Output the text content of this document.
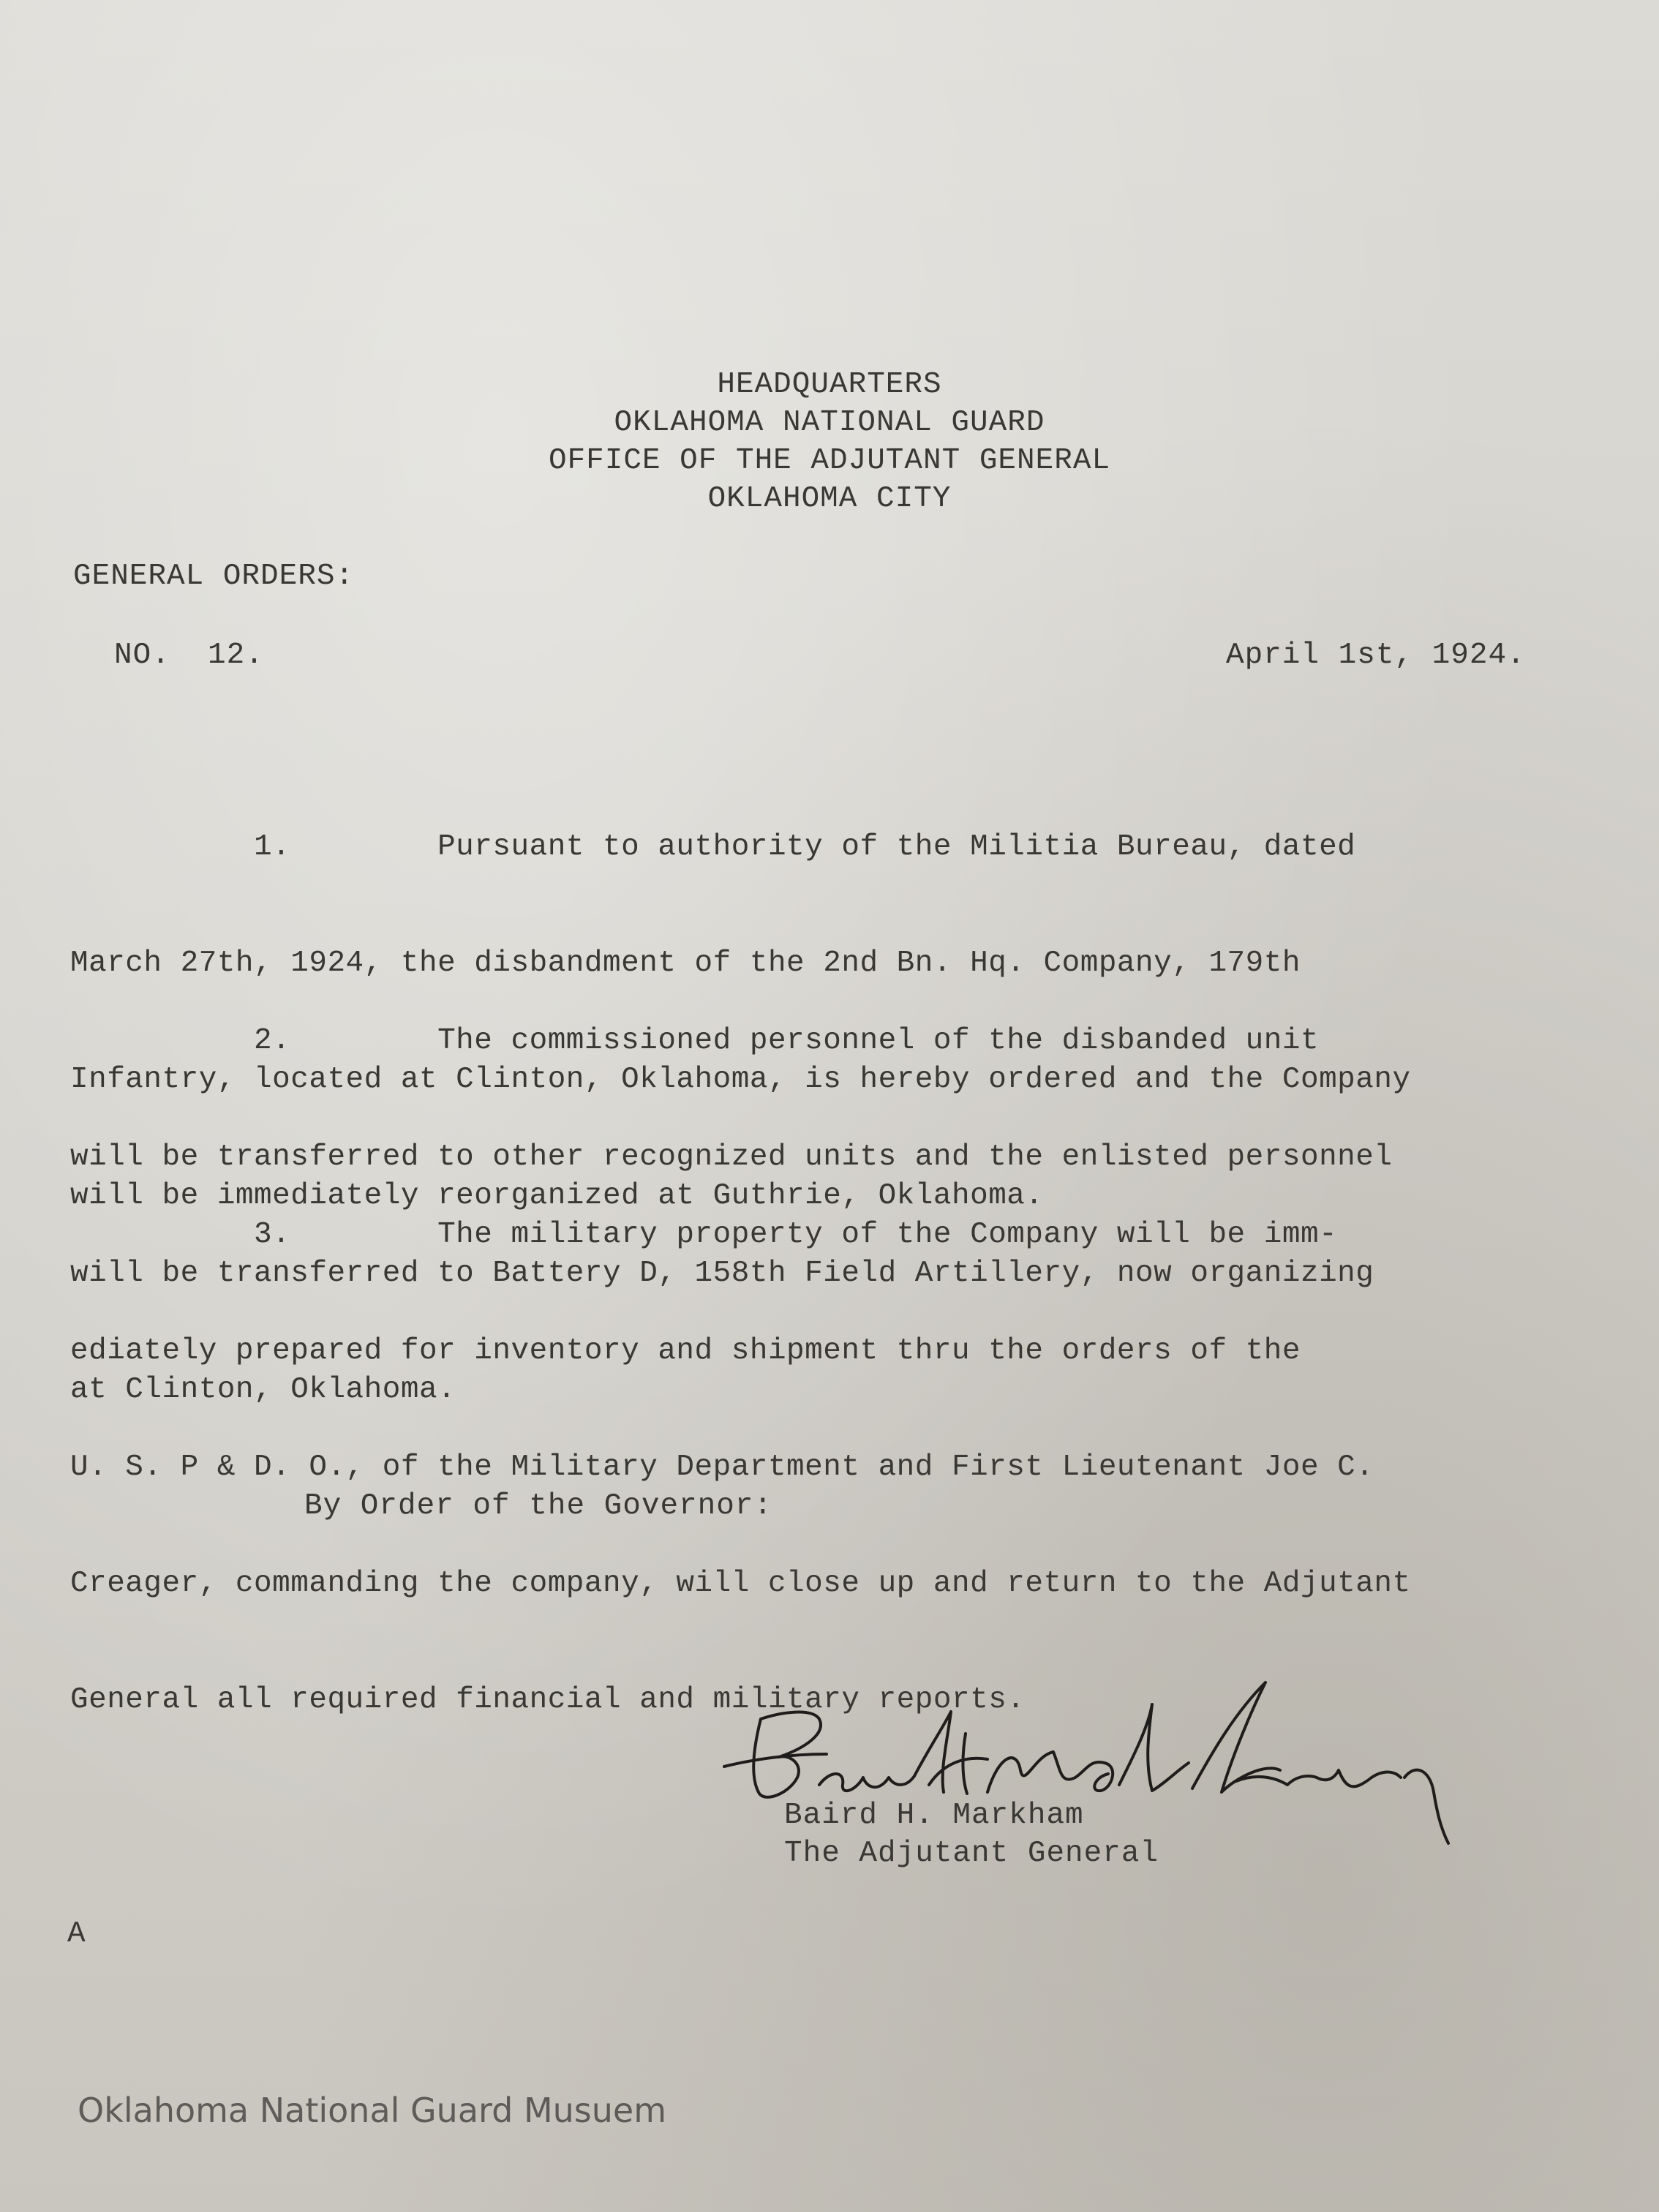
HEADQUARTERS
OKLAHOMA NATIONAL GUARD
OFFICE OF THE ADJUTANT GENERAL
OKLAHOMA CITY
GENERAL ORDERS:
NO.  12.	April 1st, 1924.

1.        Pursuant to authority of the Militia Bureau, dated

March 27th, 1924, the disbandment of the 2nd Bn. Hq. Company, 179th

Infantry, located at Clinton, Oklahoma, is hereby ordered and the Company

will be immediately reorganized at Guthrie, Oklahoma.

2.        The commissioned personnel of the disbanded unit

will be transferred to other recognized units and the enlisted personnel

will be transferred to Battery D, 158th Field Artillery, now organizing

at Clinton, Oklahoma.

3.        The military property of the Company will be imm-

ediately prepared for inventory and shipment thru the orders of the

U. S. P & D. O., of the Military Department and First Lieutenant Joe C.

Creager, commanding the company, will close up and return to the Adjutant

General all required financial and military reports.

By Order of the Governor:
Baird H. Markham
The Adjutant General
A
Oklahoma National Guard Musuem
